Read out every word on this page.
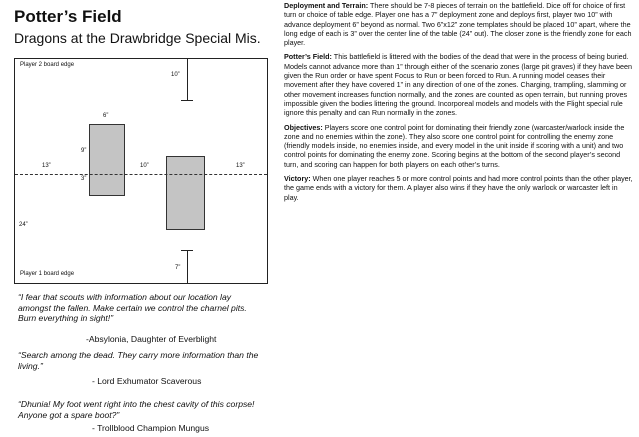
Potter’s Field
Dragons at the Drawbridge Special Mis.
Player 2 board edge
10”
6”
9”
3”
13”	10”	13”
24”
7”
Player 1 board edge

Deployment and Terrain: There should be 7-8 pieces of terrain on the battlefield. Dice off for choice of first turn or choice of table edge. Player one has a 7” deployment zone and deploys first, player two 10” with advance deployment 6” beyond as normal. Two 6”x12” zone templates should be placed 10” apart, where the long edge of each is 3” over the center line of the table (24” out). The closer zone is the friendly zone for each player.

Potter’s Field: This battlefield is littered with the bodies of the dead that were in the process of being buried. Models cannot advance more than 1” through either of the scenario zones (large pit graves) if they have been given the Run order or have spent Focus to Run or been forced to Run. A running model ceases their movement after they have covered 1” in any direction of one of the zones. Charging, trampling, slamming or other movement increases function normally, and the zones are counted as open terrain, but running proves impossible given the bodies littering the ground. Incorporeal models and models with the Flight special rule ignore this penalty and can Run normally in the zones.

Objectives: Players score one control point for dominating their friendly zone (warcaster/warlock inside the zone and no enemies within the zone). They also score one control point for controlling the enemy zone (friendly models inside, no enemies inside, and every model in the unit inside if scoring with a unit) and two control points for dominating the enemy zone. Scoring begins at the bottom of the second player’s second turn, and scoring can happen for both players on each other’s turns.

Victory: When one player reaches 5 or more control points and had more control points than the other player, the game ends with a victory for them. A player also wins if they have the only warlock or warcaster left in play.

“I fear that scouts with information about our location lay amongst the fallen. Make certain we control the charnel pits. Burn everything in sight!”
-Absylonia, Daughter of Everblight
“Search among the dead. They carry more information than the living.”
- Lord Exhumator Scaverous
“Dhunia! My foot went right into the chest cavity of this corpse! Anyone got a spare boot?”
- Trollblood Champion Mungus
